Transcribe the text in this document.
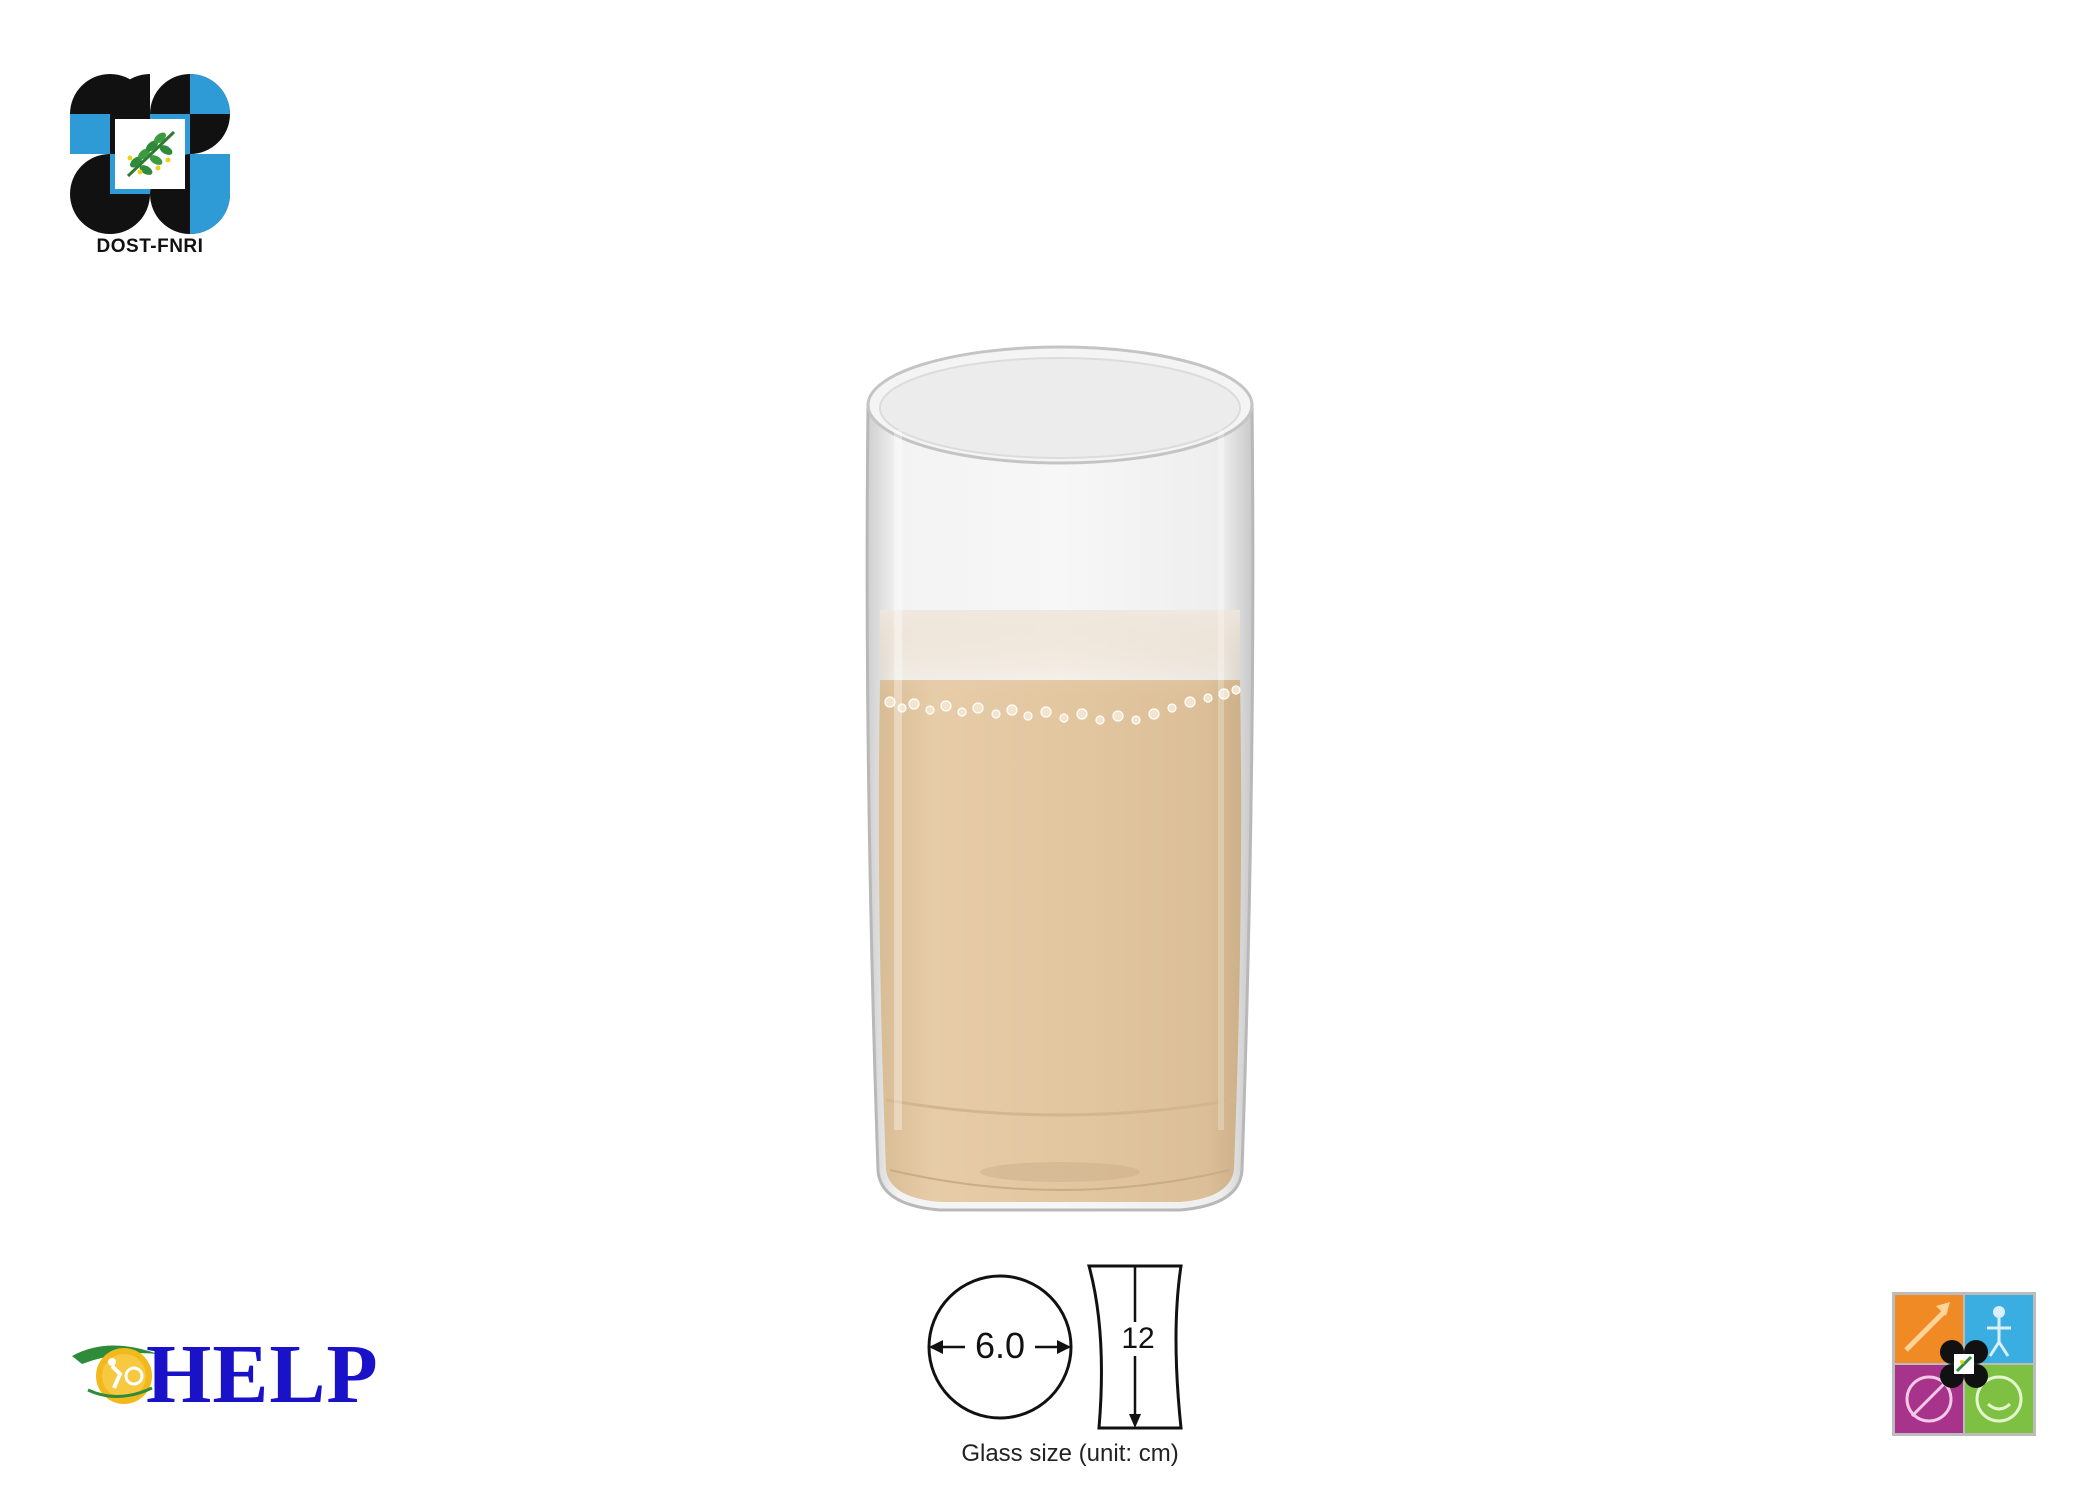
DOST-FNRI
6.0	12
Glass size (unit: cm)
HELP
